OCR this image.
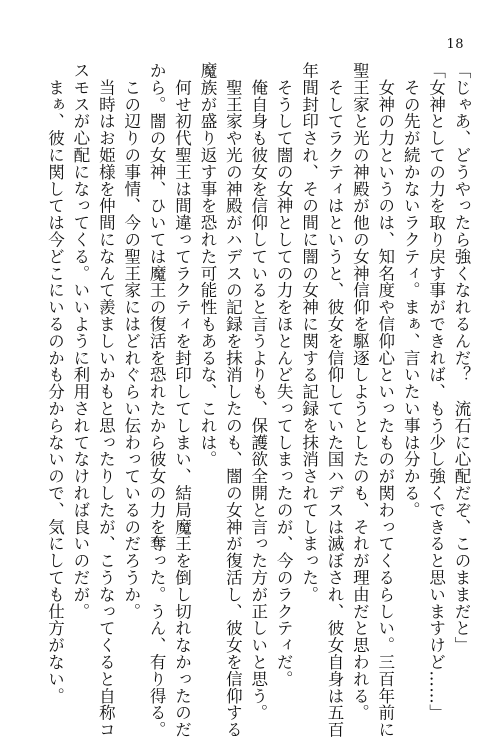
18
「じゃあ、どうやったら強くなれるんだ？　流石に心配だぞ、このままだと」
「女神としての力を取り戻す事ができれば、もう少し強くできると思いますけど……」
　その先が続かないラクティ。まぁ、言いたい事は分かる。
　女神の力というのは、知名度や信仰心といったものが関わってくるらしい。三百年前に
聖王家と光の神殿が他の女神信仰を駆逐しようとしたのも、それが理由だと思われる。
　そしてラクティはというと、彼女を信仰していた国ハデスは滅ぼされ、彼女自身は五百
年間封印され、その間に闇の女神に関する記録を抹消されてしまった。
　そうして闇の女神としての力をほとんど失ってしまったのが、今のラクティだ。
　俺自身も彼女を信仰していると言うよりも、保護欲全開と言った方が正しいと思う。
　聖王家や光の神殿がハデスの記録を抹消したのも、闇の女神が復活し、彼女を信仰する
魔族が盛り返す事を恐れた可能性もあるな、これは。
　何せ初代聖王は間違ってラクティを封印してしまい、結局魔王を倒し切れなかったのだ
から。闇の女神、ひいては魔王の復活を恐れたから彼女の力を奪った。うん、有り得る。
　この辺りの事情、今の聖王家にはどれぐらい伝わっているのだろうか。
　当時はお姫様を仲間になんて羨ましいかもと思ったりしたが、こうなってくると自称コ
スモスが心配になってくる。いいように利用されてなければ良いのだが。
　まぁ、彼に関しては今どこにいるのかも分からないので、気にしても仕方がない。
